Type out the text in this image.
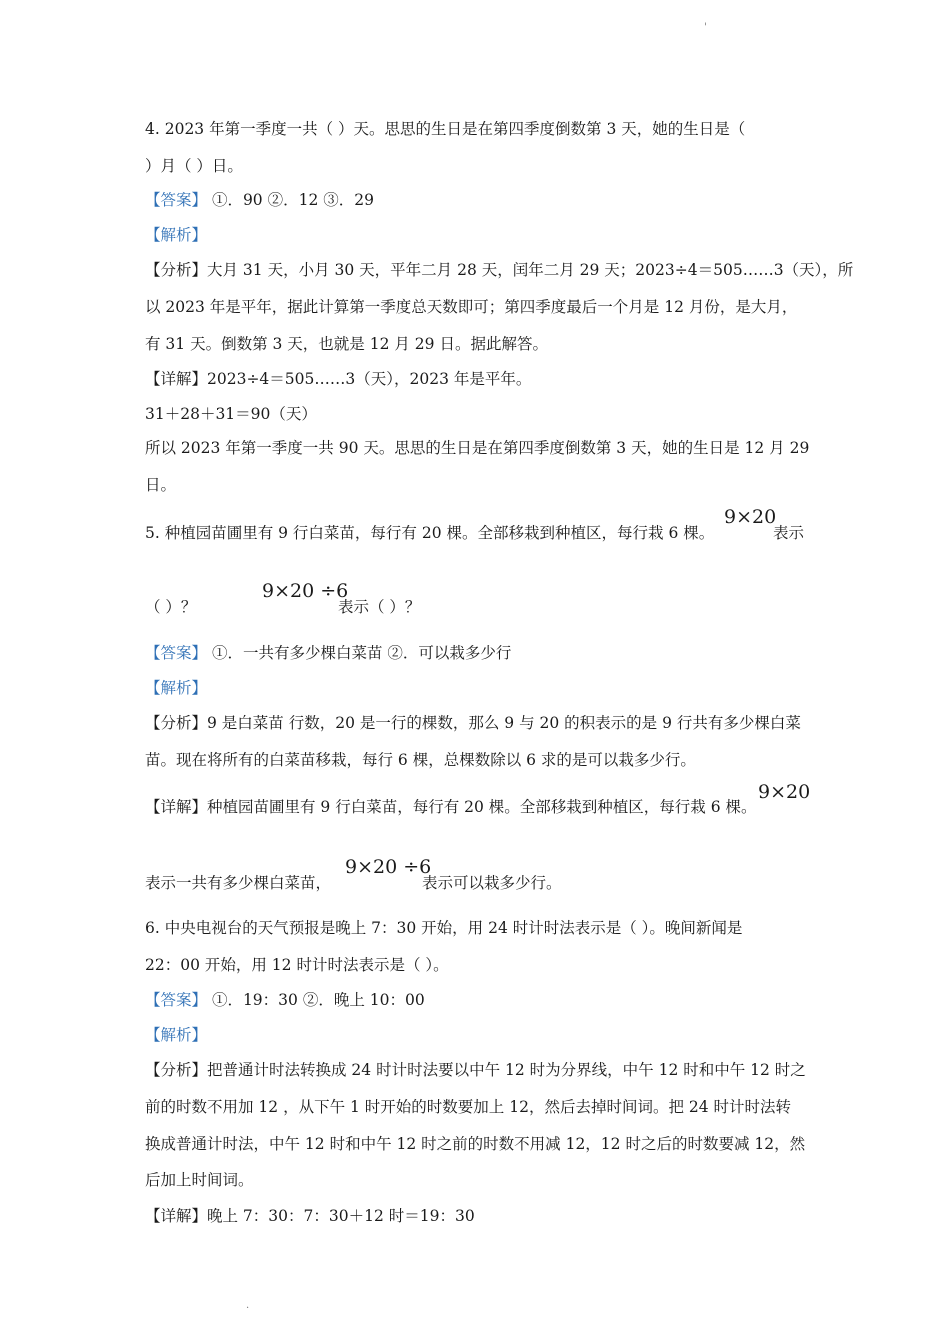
'
4. 2023 年第一季度一共（ ）天。思思的生日是在第四季度倒数第 3 天，她的生日是（
）月（ ）日。
【答案】 ①．90 ②．12 ③．29
【解析】
【分析】大月 31 天，小月 30 天，平年二月 28 天，闰年二月 29 天；2023÷4＝505……3（天），所
以 2023 年是平年，据此计算第一季度总天数即可；第四季度最后一个月是 12 月份，是大月，
有 31 天。倒数第 3 天，也就是 12 月 29 日。据此解答。
【详解】2023÷4＝505……3（天），2023 年是平年。
31＋28＋31＝90（天）
所以 2023 年第一季度一共 90 天。思思的生日是在第四季度倒数第 3 天，她的生日是 12 月 29
日。
5. 种植园苗圃里有 9 行白菜苗，每行有 20 棵。全部移栽到种植区，每行栽 6 棵。
9×20
表示
（ ）？
9×20 ÷6
表示（ ）？
【答案】 ①．一共有多少棵白菜苗 ②．可以栽多少行
【解析】
【分析】9 是白菜苗 行数，20 是一行的棵数，那么 9 与 20 的积表示的是 9 行共有多少棵白菜
苗。现在将所有的白菜苗移栽，每行 6 棵，总棵数除以 6 求的是可以栽多少行。
【详解】种植园苗圃里有 9 行白菜苗，每行有 20 棵。全部移栽到种植区，每行栽 6 棵。
9×20
表示一共有多少棵白菜苗，
9×20 ÷6
表示可以栽多少行。
6. 中央电视台的天气预报是晚上 7：30 开始，用 24 时计时法表示是（ ）。晚间新闻是
22：00 开始，用 12 时计时法表示是（ ）。
【答案】 ①．19：30 ②．晚上 10：00
【解析】
【分析】把普通计时法转换成 24 时计时法要以中午 12 时为分界线，中午 12 时和中午 12 时之
前的时数不用加 12 ，从下午 1 时开始的时数要加上 12，然后去掉时间词。把 24 时计时法转
换成普通计时法，中午 12 时和中午 12 时之前的时数不用减 12，12 时之后的时数要减 12，然
后加上时间词。
【详解】晚上 7：30：7：30＋12 时＝19：30
.
